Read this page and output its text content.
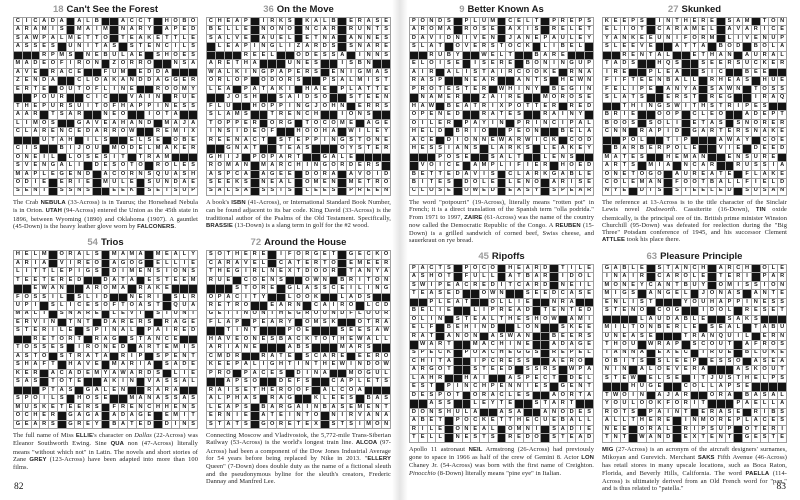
18 Can't See the Forest
C	I	C A D A	A L B	A C C T	H O B O
A R A M	I	S	M A	I	M	N A R Y	A P E D
S A W P A L M E T T O	T E A K E T T L E
A S S E S	U N	I	T A S	S T E N C	I	L S
R P M S	N E B U L A E	S H O E S
M A D E O F	I	R O N	Z O R R O	N S A
A V E	R A C E	F U M	E D D A
Z E N D A	C L O A K A N D D A G G E R
E R T E	O U T O F L	I	N E	R O O M Y
P O U R	C	I	C	V A	I	N	R U E
T H E P U R S U	I	T O F H A P P	I	N E S S
A A R	T S A R	N E O	I	O T A
L	I	M O S	G A V E A H A N D	M A J A
C L A R E N C E D A R R O W	R E M	I	X
U T A H	I	L S	E L S E	O B E
C	I	S	B	I	J O U	M O D E L M A K E R
O N E	I	L	L O S E S	I	T	T R A M
S V E N G A L	I	D E S O T O	R O L E S
M A P L E G E N D	A C O R N S Q U A S H
O D	I	E	E R	I	E	M U L E	S U N D A E
S E N T	S S N S	E E K	S E T S U P
The Crab NEBULA (33-Across) is in Taurus; the Horsehead Nebula is in Orion. UTAH (94-Across) entered the Union as the 45th state in 1896, between Wyoming (1890) and Oklahoma (1907). A gauntlet (45-Down) is the heavy leather glove worn by FALCONERS.
36 On the Move
C H E A P	I	R K S	K A L B	E R A S E
B E L L E	N O N O	N C A R	R U N T S
S A L V E	A U E L	E T N A	A N N E S
L E A P	I	N G L	I	Z A R D S	S N A R E
R E E L	O D E S S A	I	N N S
A R E T H A	U N E S	I	S B N
W A L K	I	N G P A P E R S	E N	I	G M A S
O R L O P	O D O R S	P S A L M	I	S T
L E A	P A T A K	I	H A E	P L A T T E
J O S H	S A	I	D S O	S T E E N
F L U	H O P P	I	N G J O H N	E R R S
S L A M S	T R E N C H	I	O N S
T O P P E R	O R G	T O C O M E	A G E
I	N S	I	D E O F	H O O H A	W I	L E Y
R E E N A C T	S T E P P	I	N G S T O N E
G N A T	T E A S	O Y S T E R
G H	I	J	P O P A R T	G A L E
R O M A N	M A R C H	I	N G O R D E R S
A S P C A	A G E E	D O R A	A V O	I	D
S E E K S	N E A L	O M E N	M E T R O
S A L S A	S S T S	L E E S	P R E E N
A book's ISBN (41-Across), or International Standard Book Number, can be found adjacent to its bar code. King David (33-Across) is the traditional author of the Psalms of the Old Testament. Specifically, BRASSIE (13-Down) is a slang term in golf for the #2 wood.
54 Trios
H E L M	O R A L S	M A M A	M E A L Y
A R	I	A	V	I	R E O	A G O G	E L L	I	E
L	I	T T L E P	I	G S	D	I	M E N S	I	O N S
T E E T E R E D	D A T A	E S T E E M
E W A N	A R O M A	R A K E
F O S S	I	L	S L	I	D	N E R	I	S L R
U P	I	S L	I	C E S O F T O A S T	Q U A
M A L T	S N A R E	L E V	I	S T U N T
E R V	I	N	T N T	D A R E R S	R A G E
S T E R	I	L E	S P	I	N A L	P A	I	R E D
R E T O R T	R A G	S T A N C E
T O S S E S	I	R O N E D	A R T E M	I	S
A S T O	S T R A T A	R	I	P	S P E N T
S H A F T	H A V E	M A R	I	A	S A D E
K E R	A C A D E M Y A W A R D S	L	I	E
S A S	T O T E	A K	I	N	V A S S A L
P T A S	G A L E N	R A R A
S P O	I	L S	H O S E	M A N A S S A S
M U S K E T E E R S	F R E N C H H E N S
O C H E R	G A G A	A D A G E	E M	I	T
G E A R S	G R E Y	B A T E D	D	I	N S
The full name of Miss ELLIE's character on Dallas (22-Across) was Eleanor Southworth Ewing. Sine QUA non (47-Across) literally means "without which not" in Latin. The novels and short stories of Zane GREY (123-Across) have been adapted into more than 100 films.
72 Around the House
S O T H E R E	I	F O R G E T	G E C K O
C A R A V E L	C A T E R T O	E M E E R
T H E G	I	R L N E X T D O O R	T A N Y A
R U E	C O E N S	O W N	B R	I	T O N
S T O R E	G L A S S C E	I	L	I	N G
O P A C	I	T Y	L O O K	L A D S
R E T R O	E A R N	C A	I	R O	L C D
G E T	I	N O N T H E G R O U N D F L O O R
F L A P	P E A R Y	O M S K	O T R A
T	I	N T	P O E	S E E S A W
H A V E O N E S B A C K T O T H E W A L L
A R	I	A N E	A B S	M A R S
C M D R	R A T E	S C A R E	E E R O
K E E P A L	I	G H T	I	N T H E W I	N D O W
P R O	P A C E S	D	I	N A	M O G U L
A P S O	D E F S	C A P L E T S
R A	I	S E T H E R O O F	A L C O A
A L P H A S	R A G	K L E E S	B A S
L E A P S	B A R G A	I	N B A S E M E N T
E R N	I	E	A T E	I	N T O	N	I	R V A N A
S T A T S	G O R E T E X	S T S	I	M O N
Connecting Moscow and Vladivostok, the 5,772-mile Trans-Siberian Railway (53-Across) is the world's longest train line. ALCOA (97-Across) had been a component of the Dow Jones Industrial Average for 54 years before being replaced by Nike in 2013. "ELLERY Queen" (7-Down) does double duty as the name of a fictional sleuth and the pseudonymous byline for the sleuth's creators, Frederic Dannay and Manfred Lee.
82
9 Better Known As
P O N D S	P L U M	C E L T	P R E P S
A R O M A	R O S E	A X	I	S	R E L E T
D A V	I	D N	I	V E N	J A N E P A U L E Y
S L A T	O V E R S T O C K	L	I	B E L
R U B Y	W E L T	B A R E
E L O	I	S E	I	S E R E	B O N	I	N G U P
A	I	R	A L	I	S T A	I	R C O O K E	R N A
R A S P	N E A R	A N T S	H E W N
P R O T E S T E R	W H	I	N Y	B E G	I	N
N A M E R	Z A	I	R E	M O R O S E
H A W	B E A T R	I	X P O T T E R	R E D
O P E N E D	R A T E S	R A	I	N Y
O	I	L E R	P A Y	I	N	P R	I	N C	I	P A L
H E L D	B R	I	O	P E O N	B E L A
A C E	D	I	O N N E W A R W I	C K	C O D
H E S S	I	A N S	L A R K S	L E A K E Y
P O S E	S A L T	L E N S
V O	I	C E	A M P L	I	F	I	E R	H O E D
B E T T E D A V	I	S	C L A R K G A B L E
B	I	T E S	D O L E	L E N O	A R	I	S E
C L O S E	O W E D	E A S Y	S P E A R
The word "potpourri" (19-Across), literally means "rotten pot" in French; it is a direct translation of the Spanish term "olla podrida." From 1971 to 1997, ZAIRE (61-Across) was the name of the country now called the Democratic Republic of the Congo. A REUBEN (15-Down) is a grilled sandwich of corned beef, Swiss cheese, and sauerkraut on rye bread.
27 Skunked
K E E P S	I	N T H E R E	S A M	T O N
E L	I	O T	C A R A M E L	A V A R	I	C E
Y A N K E E U N	I	F O R M	L	I	V E N U P
S L E E V E	A T T A	B O D	B O L A
R E N T A L	E T H A N	A U R A L
T A D S	H Q S	S E E R S U C K E R
I	R E	P L E A	S	I	C	B E E
F	I	F T E E N B A L L	R H E A S	H U E
F E L	I	P E	A N Y A	S A W N	T O S S
S L A T S	E R S T	R E G	I	R A Q
T H	I	N G S W I	T H S T R	I	P E S
B R	I	E	O O P	C L E O	A D E P T
B O O S	S O L	I	E T A S	S N O R E R
C N N	R A P	I	D	G A R T E R S N A K E
P O L	T	I	P	A W A Y	C O E
B A R B E R P O L E	V	I	E	D E E D
M A T E S	H E M A N	E N S U R E
A R T S	M	I	A	N C A R	R U S S	I	A
O N E T O G O	A U R E A T E	F L A K E
C O L E M A N	F O O T B A L L F	I	E L D
N Y E	D	I	S	S T E E L E D	S U S A N
The reference at 13-Across is to the title character of the Sinclair Lewis novel Dodsworth. Cassiterite (16-Down), TIN oxide chemically, is the principal ore of tin. British prime minister Winston Churchill (95-Down) was defeated for reelection during the "Big Three" Potsdam conference of 1945, and his successor Clement ATTLEE took his place there.
45 Ripoffs
P A C T S	P O C O	H E A R D	T	I	L E
A S H O T	F U L L	A T B A R	I	D O L
S W I	P E A C R E D	I	T C A R D	N E	I	L
T E A S E D	O W N	S E E D C A S E
P L E A T	O L L	I	E	N R A
B E L	I	E	L	I	P R E A D	T E N T E D
O L	I	N	S T E A L T H E S H O W	A M	I
E L F	B E H	I	N D	L O N	S K E E
R A T	A N O N	A S W A N	B E E R S
W A R T	M A C H	I	N E	A D A G E
S P E C K	P O A C H E G G S	R E P E L
C H	I	T A	I	P C R E S S	A E R O
A R G O T	S T E E D	S S R S	W P A
L A H R	H A	I	A S P E C T	D E L
E S T	P	I	N C H P E N N	I	E S	G E N T
D E S P O T	O R A C L E S	A O R T A
A S S	L E Y T E	S T A R T
D O N S H U L A	A S A	A N O D E S
A B E T	P O C K E T T H E C U E B A L L
R	I	L E	O N E A L	O M N	I	S A D	I	E
T E L L	N E S T S	R E D O	S T E A D
Apollo 11 astronaut NEIL Armstrong (26-Across) had previously gone to space in 1966 as half of the crew of Gemini 8. Actor LON Chaney Jr. (54-Across) was born with the first name of Creighton. Pinocchio (8-Down) literally means "pine eye" in Italian.
63 Pleasure Principle
G A B L E	S T A N C H	A R C H	O L E
I	N A	I	R	C A R O L E	T E R	I	P A R
M O N E Y C A N T B U Y	O M	I	S S	I	O N
M	I	G S	A N G E L	J O N A S	A N T E
E N L	I	S T	Y O U H A P P	I	N E S S
S T E N O	C O G	I	D O L	R E S E T
L A U D A B L E	S A K S
M	I	L T O N B E R L E	S E A L	T A B U
U N E A S E	T R A N Q U	I	L	E R N
T H O U	W R A P	S C O U T	A F R O S
T A N N A	E X E C	T R U E	B L O K E
O B	I	T S	S L E E P	E S S O	A S E A
N	I	N	A L O E V E R A	A S K O U T
S T E W	E L S E	I	T J U S T H E L P S
H U G E	C O L L A P S E
T W O	I	N	A J A R	O R A	B A S A L
Y O U L O O K F O R	I	T	P A E L L A
R O T S	P A	I	N T	E R A S E	R	I	B S
A L L T H E R E	I	N M O R E P L A C E S
N E E	O R A L	R	I	P S U P	O T E R	I
T N T	W A N D	E X T E N T	G E S T E
MIG (27-Across) is an acronym of the aircraft designers' surnames, Mikoyan and Gurevich. Merchant SAKS Fifth Avenue (46-Across) has retail stores in many upscale locations, such as Boca Raton, Florida, and Beverly Hills, California. The word PAELLA (114-Across) is ultimately derived from an Old French word for "pan," and is thus related to "patella."	83
